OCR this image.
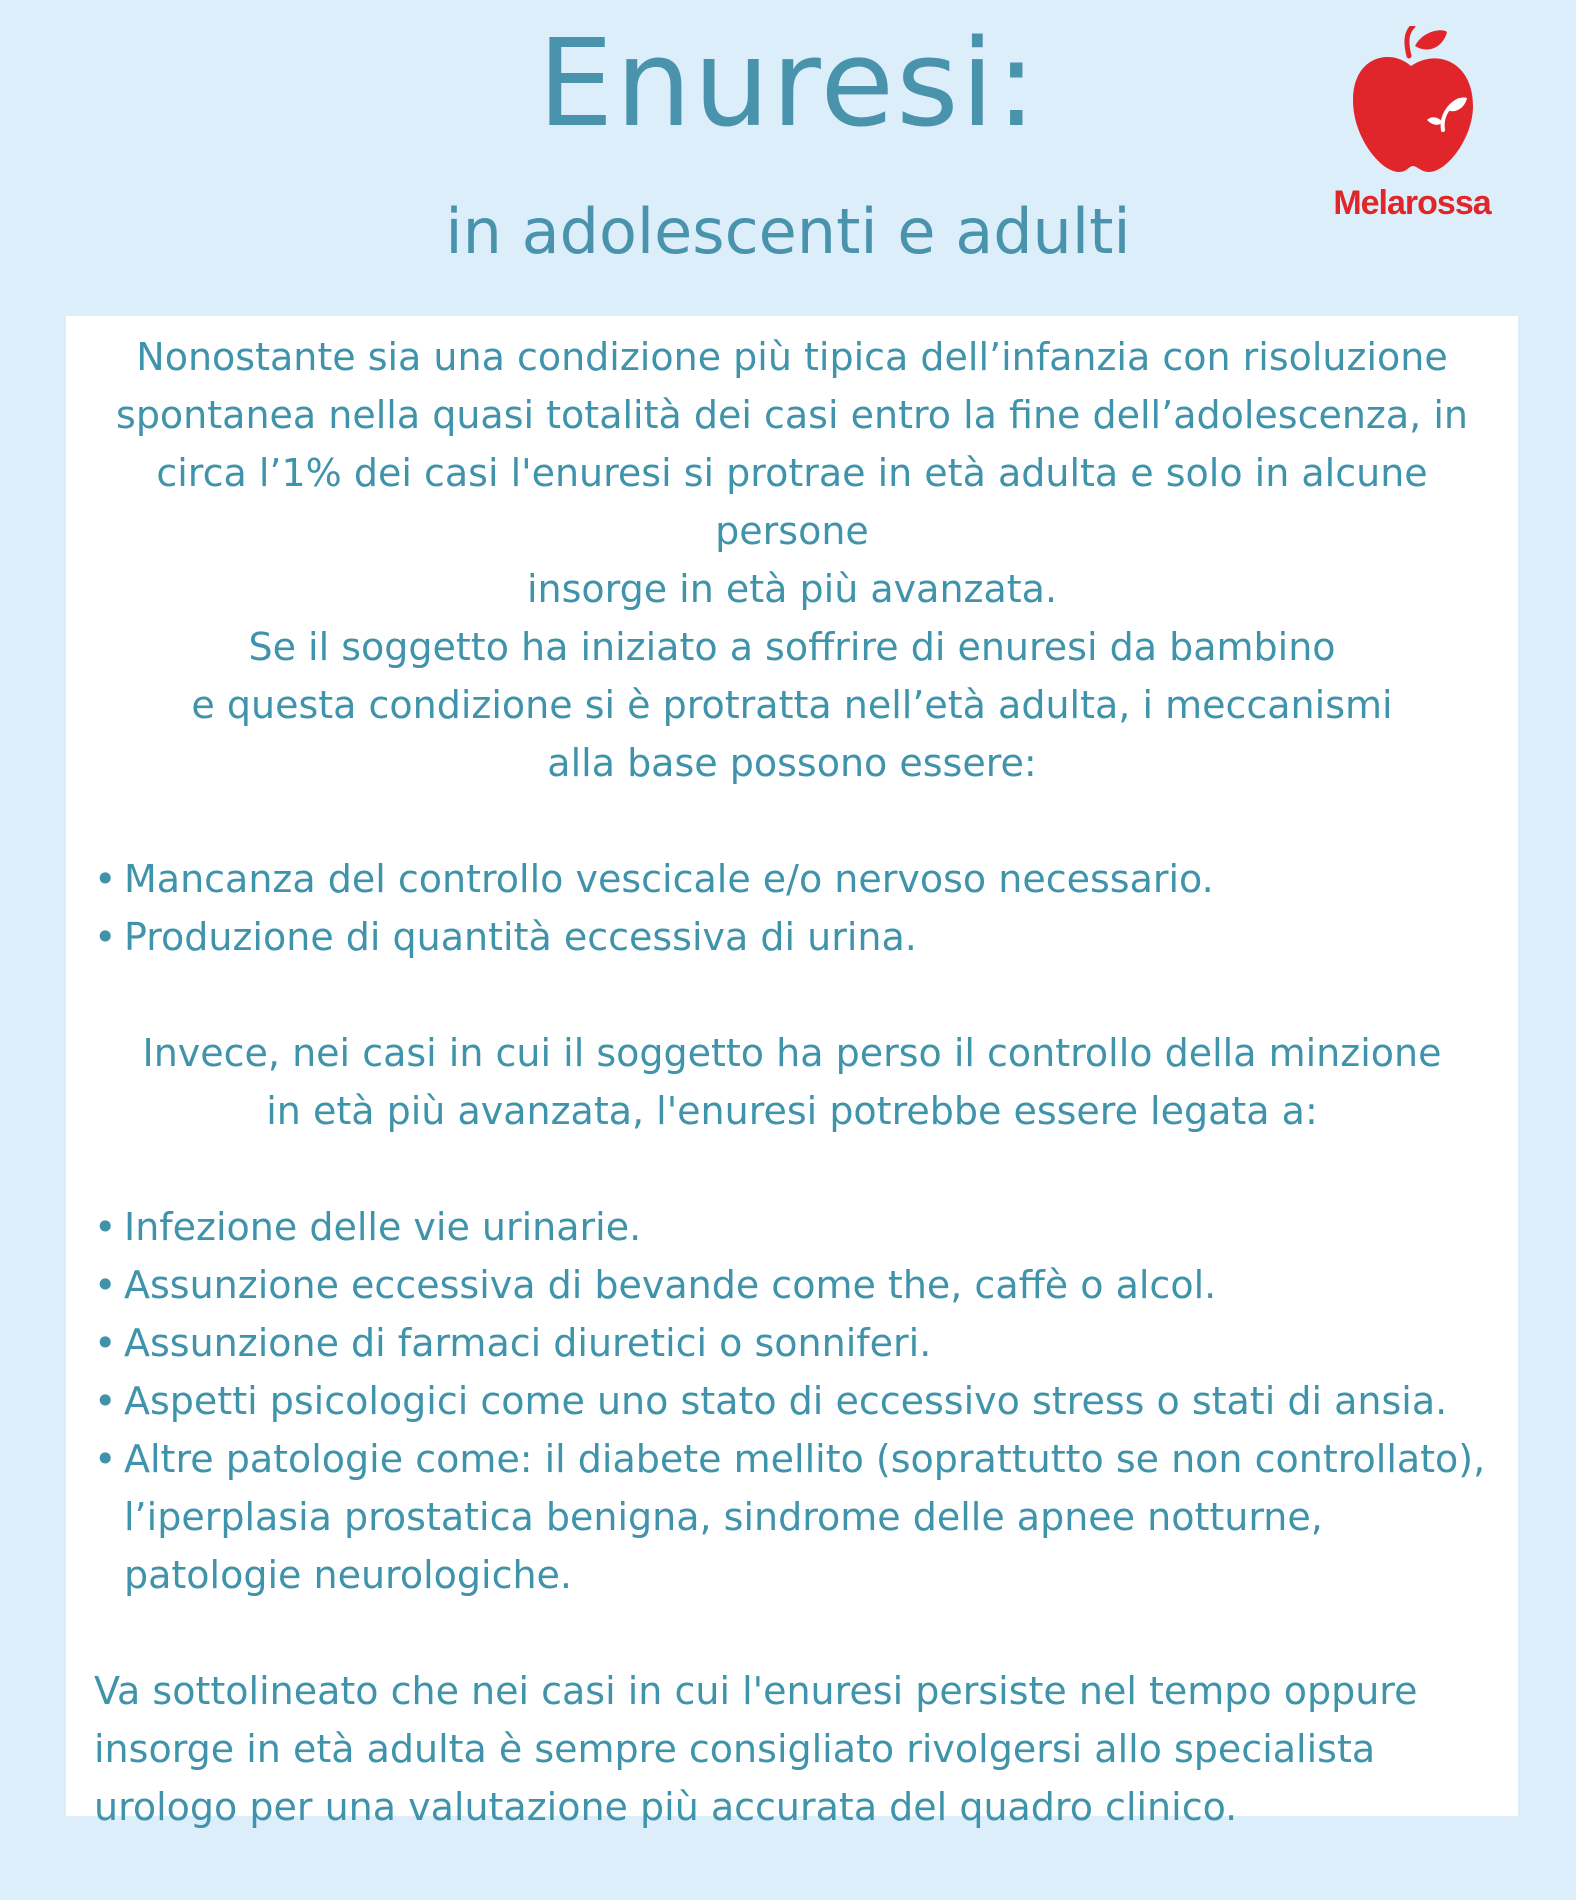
Enuresi:
in adolescenti e adulti	Melarossa
Nonostante sia una condizione più tipica dell’infanzia con risoluzione
spontanea nella quasi totalità dei casi entro la fine dell’adolescenza, in
circa l’1% dei casi l'enuresi si protrae in età adulta e solo in alcune persone
insorge in età più avanzata.
Se il soggetto ha iniziato a soffrire di enuresi da bambino
e questa condizione si è protratta nell’età adulta, i meccanismi
alla base possono essere:
• Mancanza del controllo vescicale e/o nervoso necessario.
• Produzione di quantità eccessiva di urina.
Invece, nei casi in cui il soggetto ha perso il controllo della minzione
in età più avanzata, l'enuresi potrebbe essere legata a:
• Infezione delle vie urinarie.
• Assunzione eccessiva di bevande come the, caffè o alcol.
• Assunzione di farmaci diuretici o sonniferi.
• Aspetti psicologici come uno stato di eccessivo stress o stati di ansia.
• Altre patologie come: il diabete mellito (soprattutto se non controllato), l’iperplasia prostatica benigna, sindrome delle apnee notturne, patologie neurologiche.
Va sottolineato che nei casi in cui l'enuresi persiste nel tempo oppure
insorge in età adulta è sempre consigliato rivolgersi allo specialista
urologo per una valutazione più accurata del quadro clinico.
